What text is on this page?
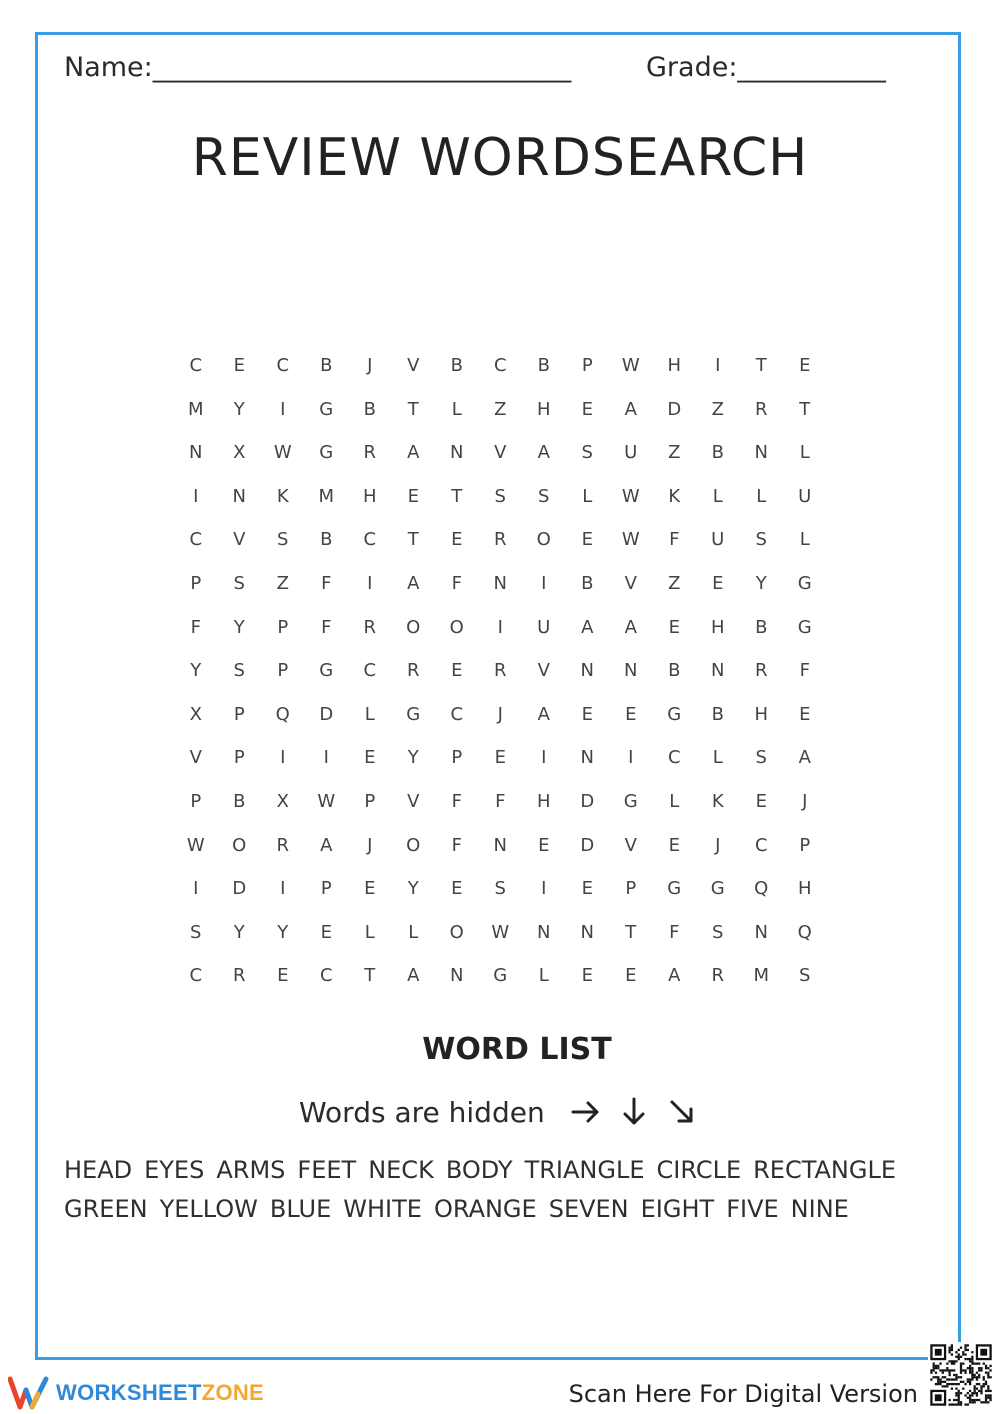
Name:_______________________________	Grade:___________
REVIEW WORDSEARCH
C	E	C	B	J	V	B	C	B	P	W	H	I	T	E
M	Y	I	G	B	T	L	Z	H	E	A	D	Z	R	T
N	X	W	G	R	A	N	V	A	S	U	Z	B	N	L
I	N	K	M	H	E	T	S	S	L	W	K	L	L	U
C	V	S	B	C	T	E	R	O	E	W	F	U	S	L
P	S	Z	F	I	A	F	N	I	B	V	Z	E	Y	G
F	Y	P	F	R	O	O	I	U	A	A	E	H	B	G
Y	S	P	G	C	R	E	R	V	N	N	B	N	R	F
X	P	Q	D	L	G	C	J	A	E	E	G	B	H	E
V	P	I	I	E	Y	P	E	I	N	I	C	L	S	A
P	B	X	W	P	V	F	F	H	D	G	L	K	E	J
W	O	R	A	J	O	F	N	E	D	V	E	J	C	P
I	D	I	P	E	Y	E	S	I	E	P	G	G	Q	H
S	Y	Y	E	L	L	O	W	N	N	T	F	S	N	Q
C	R	E	C	T	A	N	G	L	E	E	A	R	M	S
WORD LIST
Words are hidden
HEAD EYES ARMS FEET NECK BODY TRIANGLE CIRCLE RECTANGLE
GREEN YELLOW BLUE WHITE ORANGE SEVEN EIGHT FIVE NINE
WORKSHEETZONE	Scan Here For Digital Version
